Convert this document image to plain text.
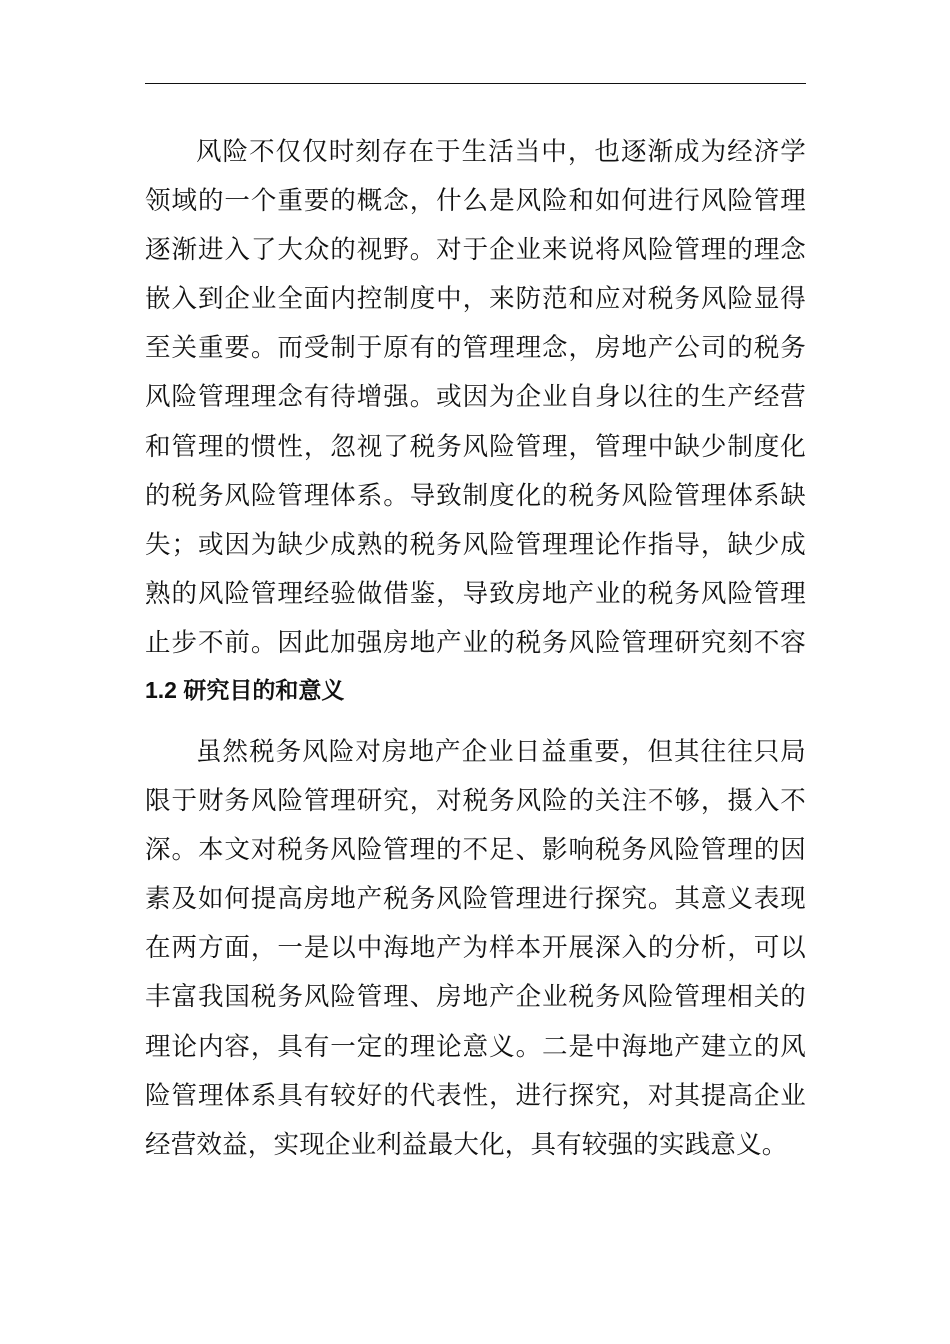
风险不仅仅时刻存在于生活当中，也逐渐成为经济学领域的一个重要的概念，什么是风险和如何进行风险管理逐渐进入了大众的视野。对于企业来说将风险管理的理念嵌入到企业全面内控制度中，来防范和应对税务风险显得至关重要。而受制于原有的管理理念，房地产公司的税务风险管理理念有待增强。或因为企业自身以往的生产经营和管理的惯性，忽视了税务风险管理，管理中缺少制度化的税务风险管理体系。导致制度化的税务风险管理体系缺失；或因为缺少成熟的税务风险管理理论作指导，缺少成熟的风险管理经验做借鉴，导致房地产业的税务风险管理止步不前。因此加强房地产业的税务风险管理研究刻不容

1.2 研究目的和意义

虽然税务风险对房地产企业日益重要，但其往往只局限于财务风险管理研究，对税务风险的关注不够，摄入不深。本文对税务风险管理的不足、影响税务风险管理的因素及如何提高房地产税务风险管理进行探究。其意义表现在两方面，一是以中海地产为样本开展深入的分析，可以丰富我国税务风险管理、房地产企业税务风险管理相关的理论内容，具有一定的理论意义。二是中海地产建立的风险管理体系具有较好的代表性，进行探究，对其提高企业经营效益，实现企业利益最大化，具有较强的实践意义。
